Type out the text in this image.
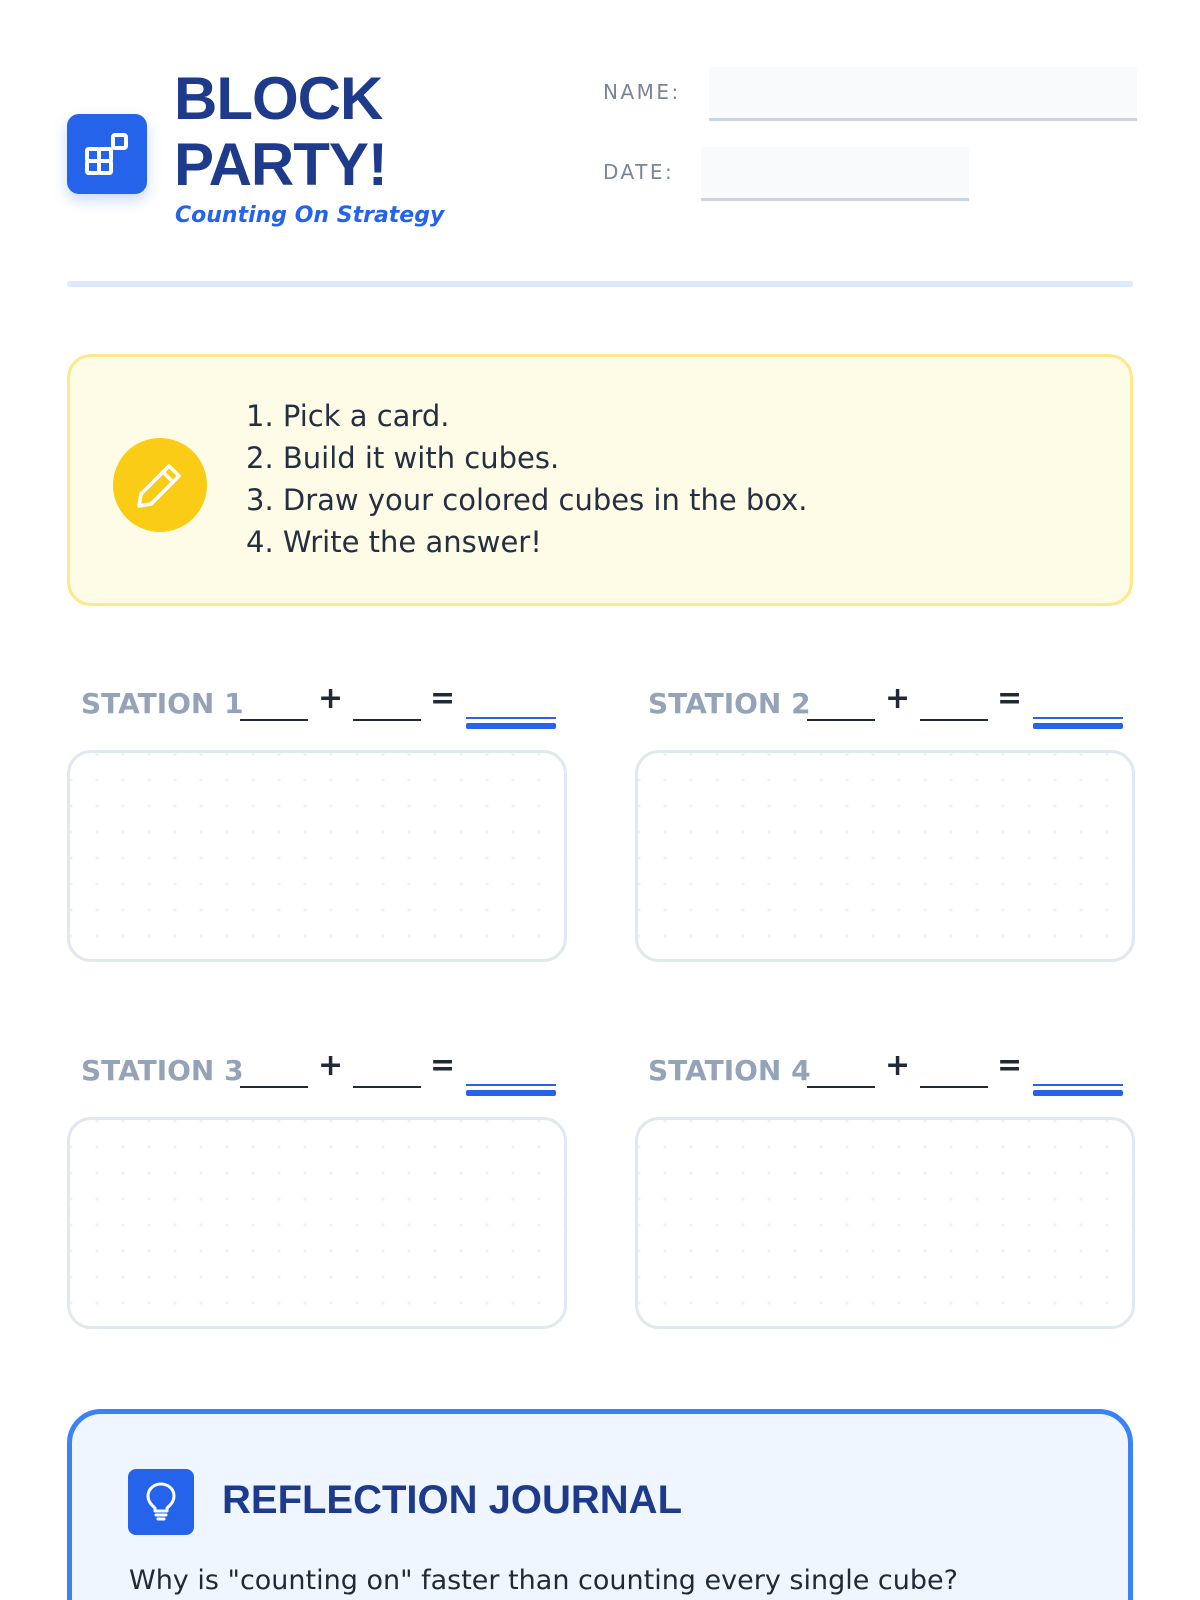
BLOCK PARTY!
Counting On Strategy
NAME:
DATE:
1. Pick a card.
2. Build it with cubes.
3. Draw your colored cubes in the box.
4. Write the answer!
STATION 1 +	=	STATION 2 +	=
STATION 3 +	=	STATION 4 +	=
REFLECTION JOURNAL
Why is "counting on" faster than counting every single cube?
